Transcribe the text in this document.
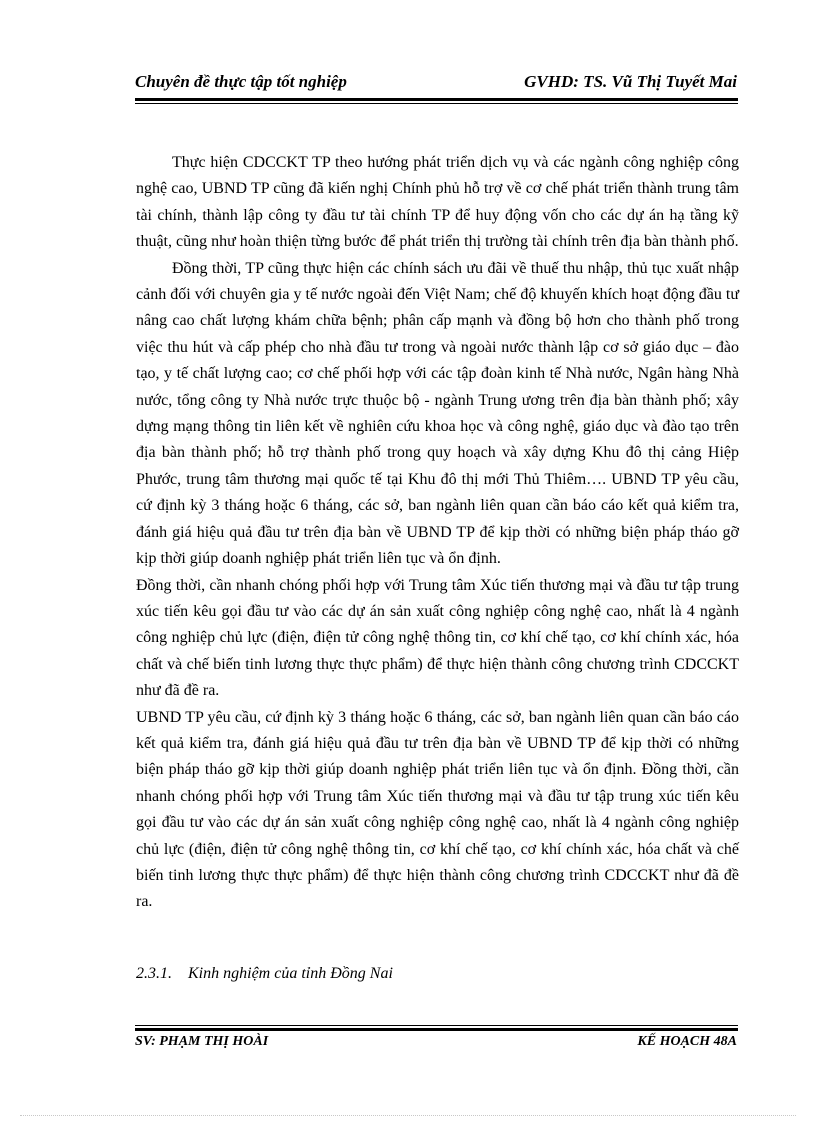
Chuyên đề thực tập tốt nghiệp	GVHD: TS. Vũ Thị Tuyết Mai

Thực hiện CDCCKT TP theo hướng phát triển dịch vụ và các ngành công nghiệp công nghệ cao, UBND TP cũng đã kiến nghị Chính phủ hỗ trợ về cơ chế phát triển thành trung tâm tài chính, thành lập công ty đầu tư tài chính TP để huy động vốn cho các dự án hạ tầng kỹ thuật, cũng như hoàn thiện từng bước để phát triển thị trường tài chính trên địa bàn thành phố.

Đồng thời, TP cũng thực hiện các chính sách ưu đãi về thuế thu nhập, thủ tục xuất nhập cảnh đối với chuyên gia y tế nước ngoài đến Việt Nam; chế độ khuyến khích hoạt động đầu tư nâng cao chất lượng khám chữa bệnh; phân cấp mạnh và đồng bộ hơn cho thành phố trong việc thu hút và cấp phép cho nhà đầu tư trong và ngoài nước thành lập cơ sở giáo dục – đào tạo, y tế chất lượng cao; cơ chế phối hợp với các tập đoàn kinh tế Nhà nước, Ngân hàng Nhà nước, tổng công ty Nhà nước trực thuộc bộ - ngành Trung ương trên địa bàn thành phố; xây dựng mạng thông tin liên kết về nghiên cứu khoa học và công nghệ, giáo dục và đào tạo trên địa bàn thành phố; hỗ trợ thành phố trong quy hoạch và xây dựng Khu đô thị cảng Hiệp Phước, trung tâm thương mại quốc tế tại Khu đô thị mới Thủ Thiêm…. UBND TP yêu cầu, cứ định kỳ 3 tháng hoặc 6 tháng, các sở, ban ngành liên quan cần báo cáo kết quả kiểm tra, đánh giá hiệu quả đầu tư trên địa bàn về UBND TP để kịp thời có những biện pháp tháo gỡ kịp thời giúp doanh nghiệp phát triển liên tục và ổn định.

Đồng thời, cần nhanh chóng phối hợp với Trung tâm Xúc tiến thương mại và đầu tư tập trung xúc tiến kêu gọi đầu tư vào các dự án sản xuất công nghiệp công nghệ cao, nhất là 4 ngành công nghiệp chủ lực (điện, điện tử công nghệ thông tin, cơ khí chế tạo, cơ khí chính xác, hóa chất và chế biến tinh lương thực thực phẩm) để thực hiện thành công chương trình CDCCKT như đã đề ra.

UBND TP yêu cầu, cứ định kỳ 3 tháng hoặc 6 tháng, các sở, ban ngành liên quan cần báo cáo kết quả kiểm tra, đánh giá hiệu quả đầu tư trên địa bàn về UBND TP để kịp thời có những biện pháp tháo gỡ kịp thời giúp doanh nghiệp phát triển liên tục và ổn định. Đồng thời, cần nhanh chóng phối hợp với Trung tâm Xúc tiến thương mại và đầu tư tập trung xúc tiến kêu gọi đầu tư vào các dự án sản xuất công nghiệp công nghệ cao, nhất là 4 ngành công nghiệp chủ lực (điện, điện tử công nghệ thông tin, cơ khí chế tạo, cơ khí chính xác, hóa chất và chế biến tinh lương thực thực phẩm) để thực hiện thành công chương trình CDCCKT như đã đề ra.

2.3.1. Kinh nghiệm của tỉnh Đồng Nai
SV: PHẠM THỊ HOÀI	KẾ HOẠCH 48A
